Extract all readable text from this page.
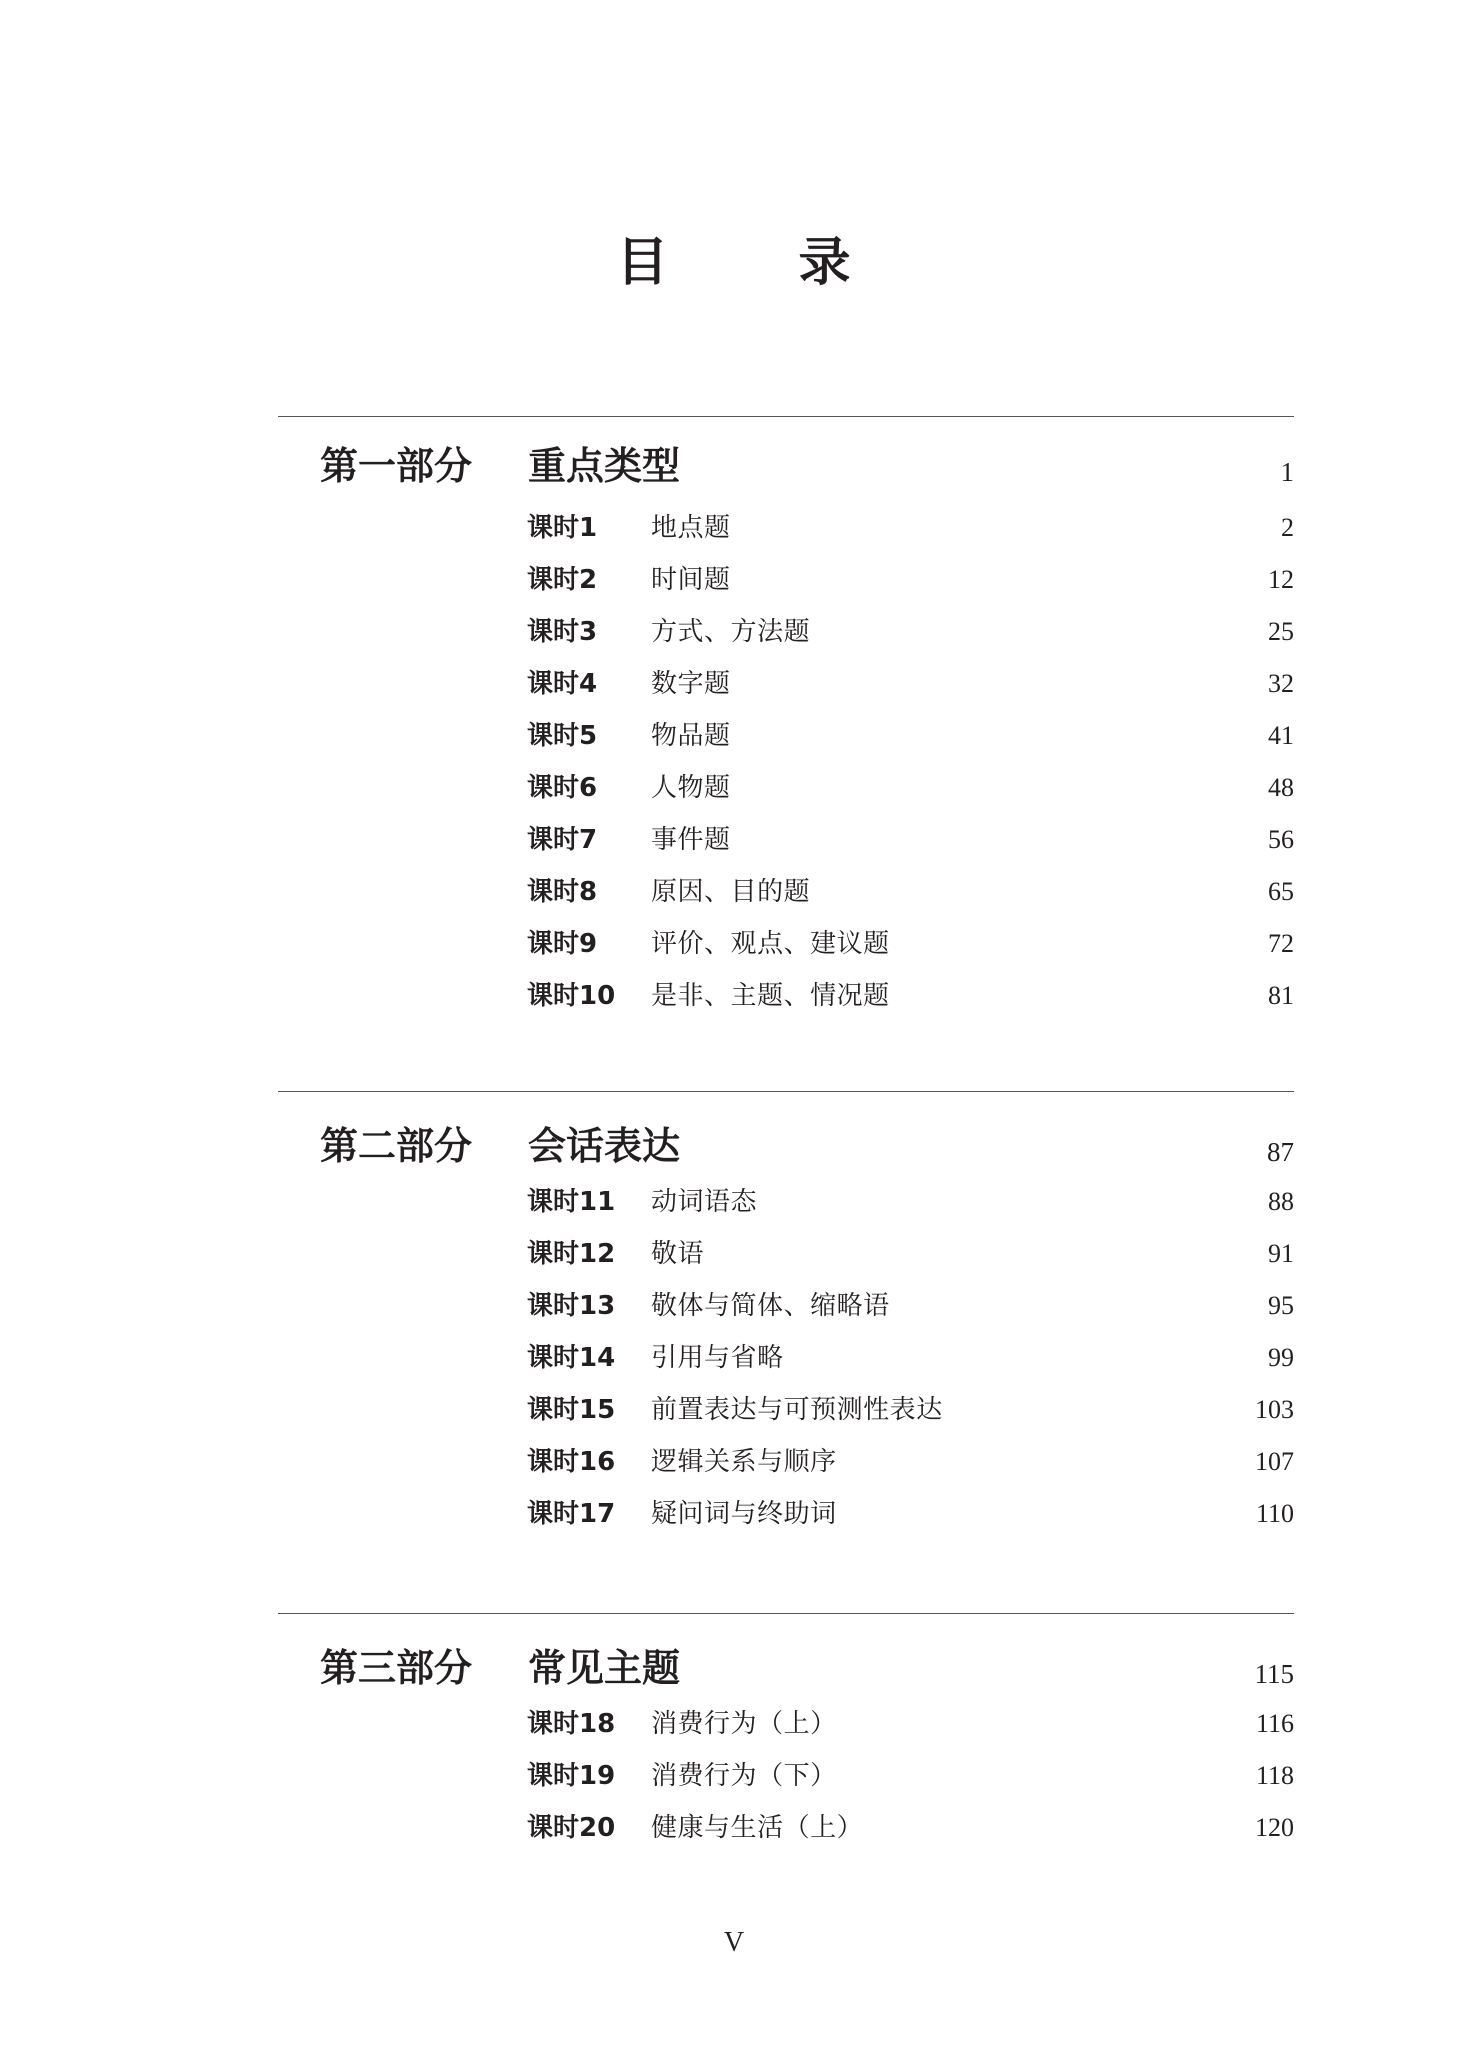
目 录
第一部分 重点类型	1
课时1 地点题	2
课时2 时间题	12
课时3 方式、方法题	25
课时4 数字题	32
课时5 物品题	41
课时6 人物题	48
课时7 事件题	56
课时8 原因、目的题	65
课时9 评价、观点、建议题	72
课时10 是非、主题、情况题	81
第二部分 会话表达	87
课时11 动词语态	88
课时12 敬语	91
课时13 敬体与简体、缩略语	95
课时14 引用与省略	99
课时15 前置表达与可预测性表达	103
课时16 逻辑关系与顺序	107
课时17 疑问词与终助词	110
第三部分 常见主题	115
课时18 消费行为（上）	116
课时19 消费行为（下）	118
课时20 健康与生活（上）	120
V
